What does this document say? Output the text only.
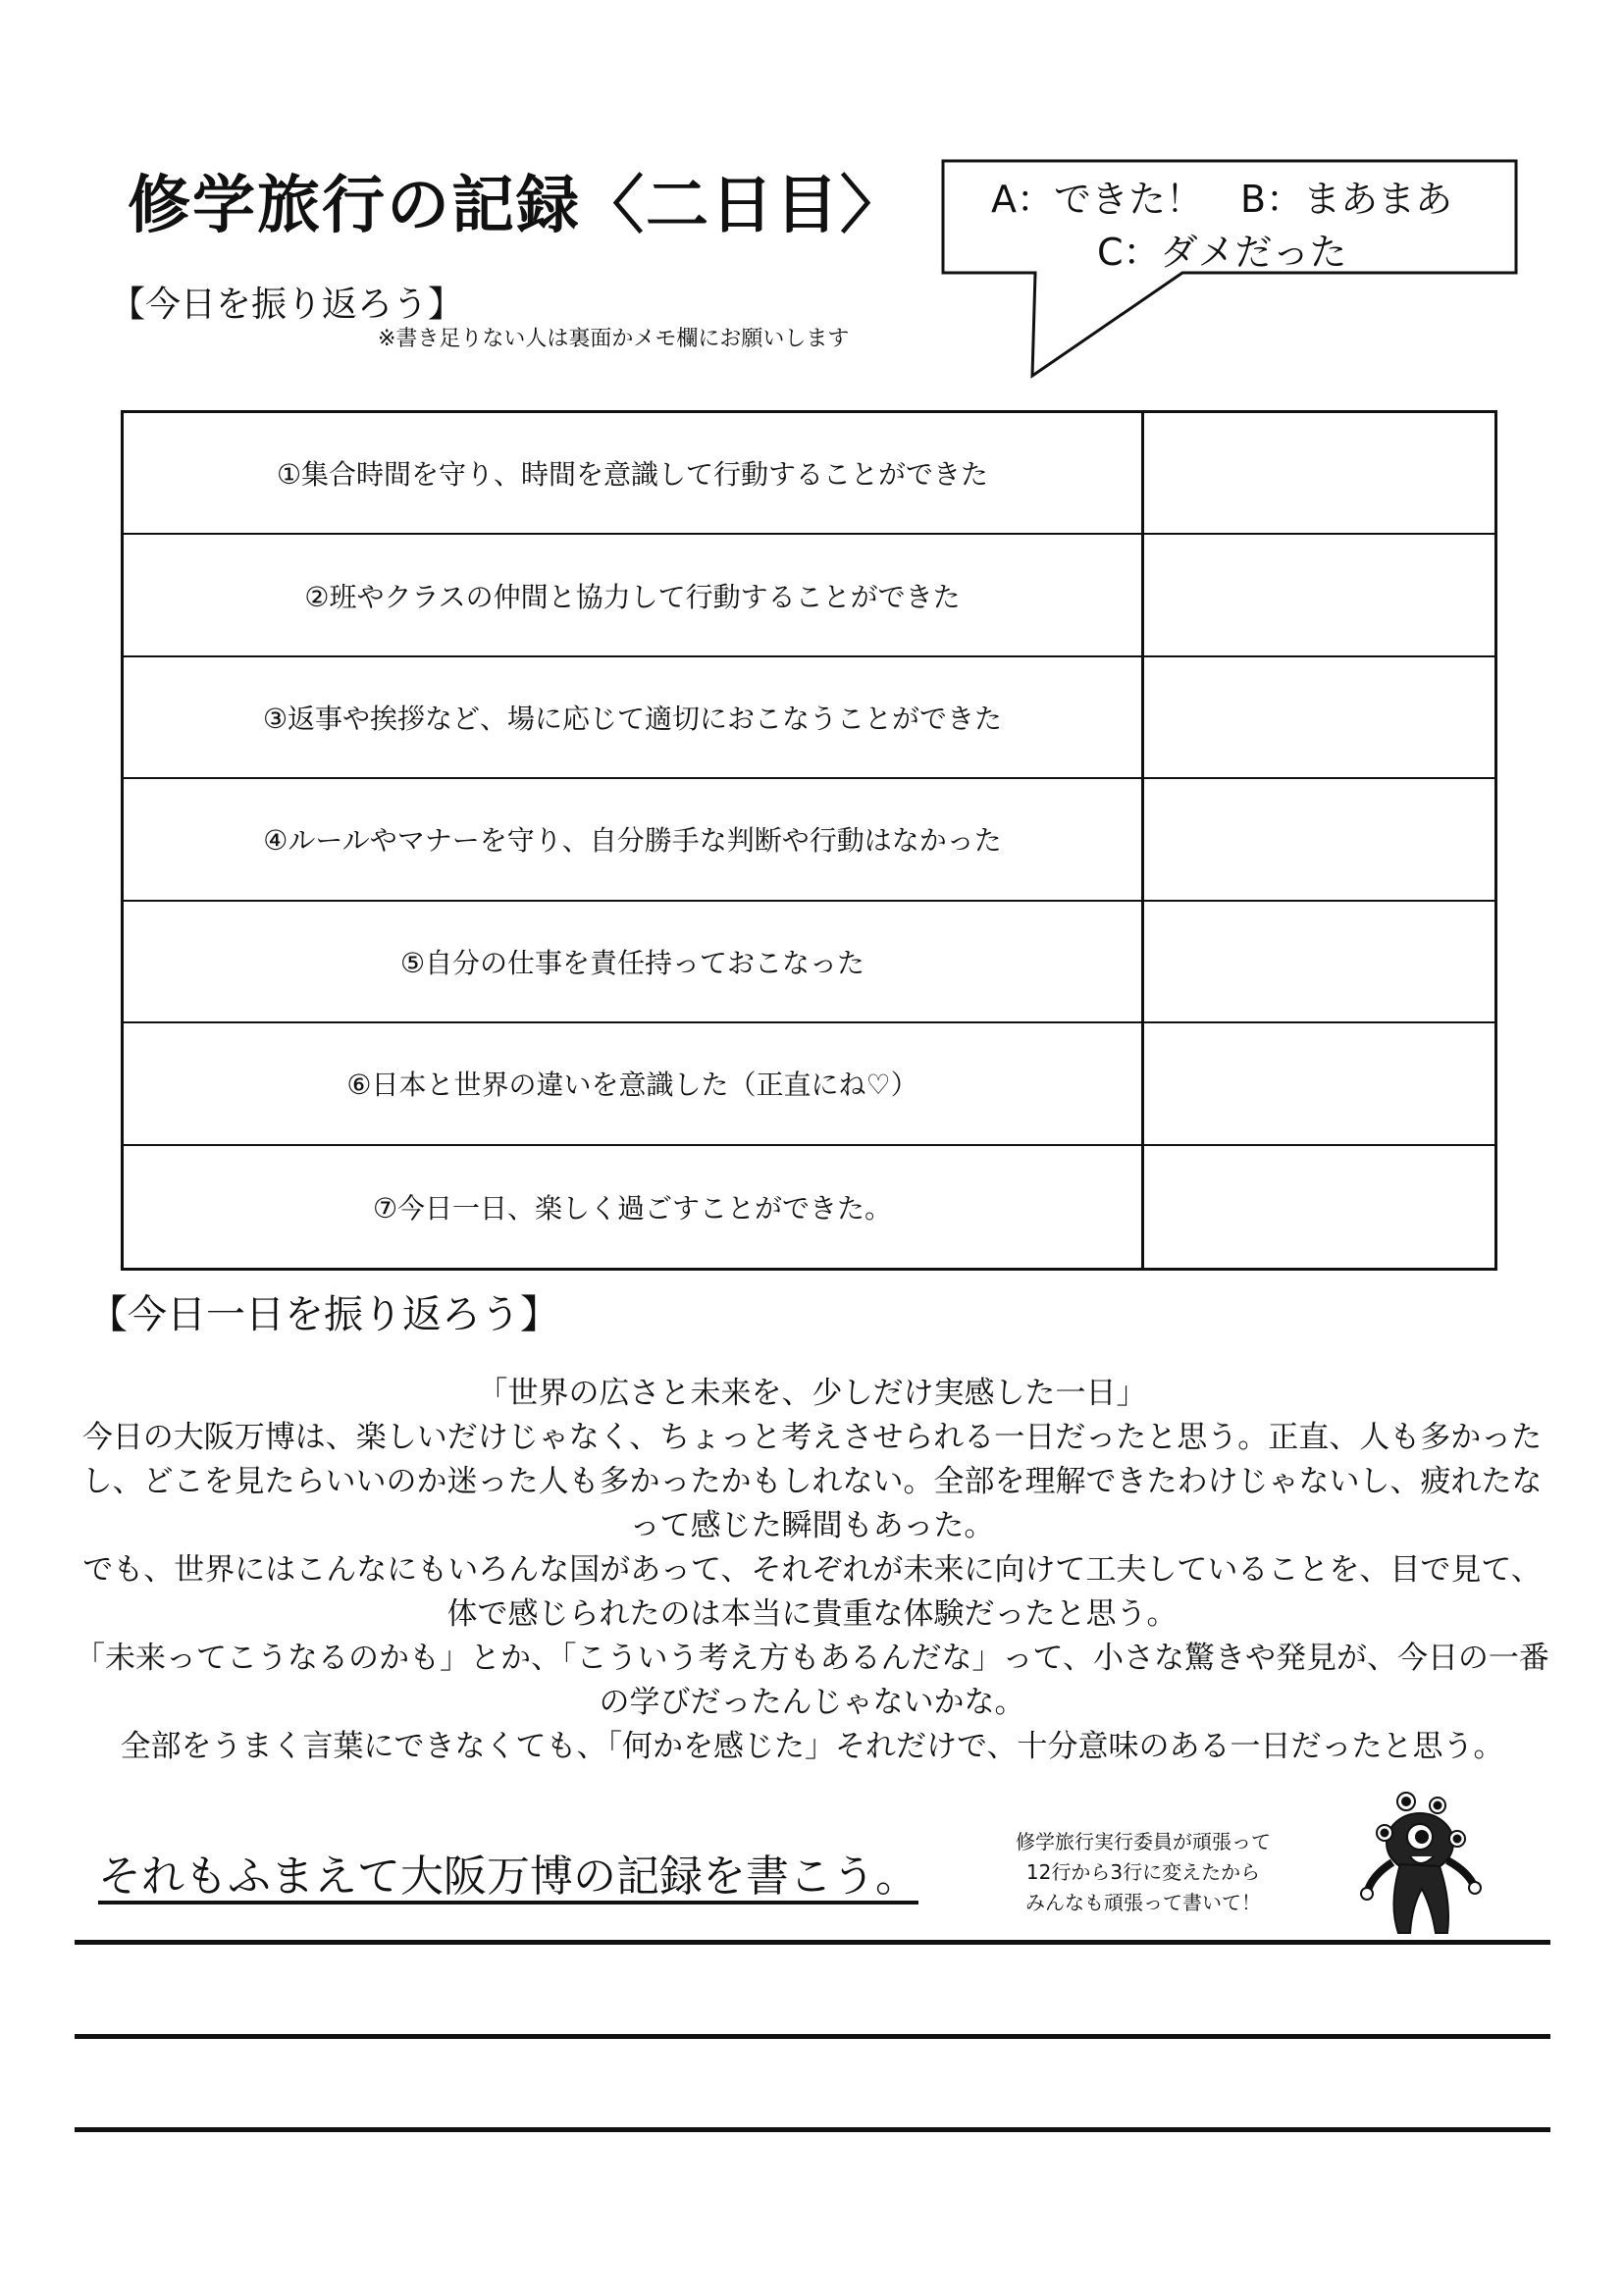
修学旅行の記録〈二日目〉
【今日を振り返ろう】
※書き足りない人は裏面かメモ欄にお願いします
A：できた！　B：まあまあ
C：ダメだった
①集合時間を守り、時間を意識して行動することができた
②班やクラスの仲間と協力して行動することができた
③返事や挨拶など、場に応じて適切におこなうことができた
④ルールやマナーを守り、自分勝手な判断や行動はなかった
⑤自分の仕事を責任持っておこなった
⑥日本と世界の違いを意識した（正直にね♡）
⑦今日一日、楽しく過ごすことができた。
【今日一日を振り返ろう】

「世界の広さと未来を、少しだけ実感した一日」

今日の大阪万博は、楽しいだけじゃなく、ちょっと考えさせられる一日だったと思う。正直、人も多かったし、どこを見たらいいのか迷った人も多かったかもしれない。全部を理解できたわけじゃないし、疲れたなって感じた瞬間もあった。

でも、世界にはこんなにもいろんな国があって、それぞれが未来に向けて工夫していることを、目で見て、体で感じられたのは本当に貴重な体験だったと思う。

「未来ってこうなるのかも」とか、「こういう考え方もあるんだな」って、小さな驚きや発見が、今日の一番の学びだったんじゃないかな。

全部をうまく言葉にできなくても、「何かを感じた」それだけで、十分意味のある一日だったと思う。

それもふまえて大阪万博の記録を書こう。
修学旅行実行委員が頑張って
12行から3行に変えたから
みんなも頑張って書いて！
